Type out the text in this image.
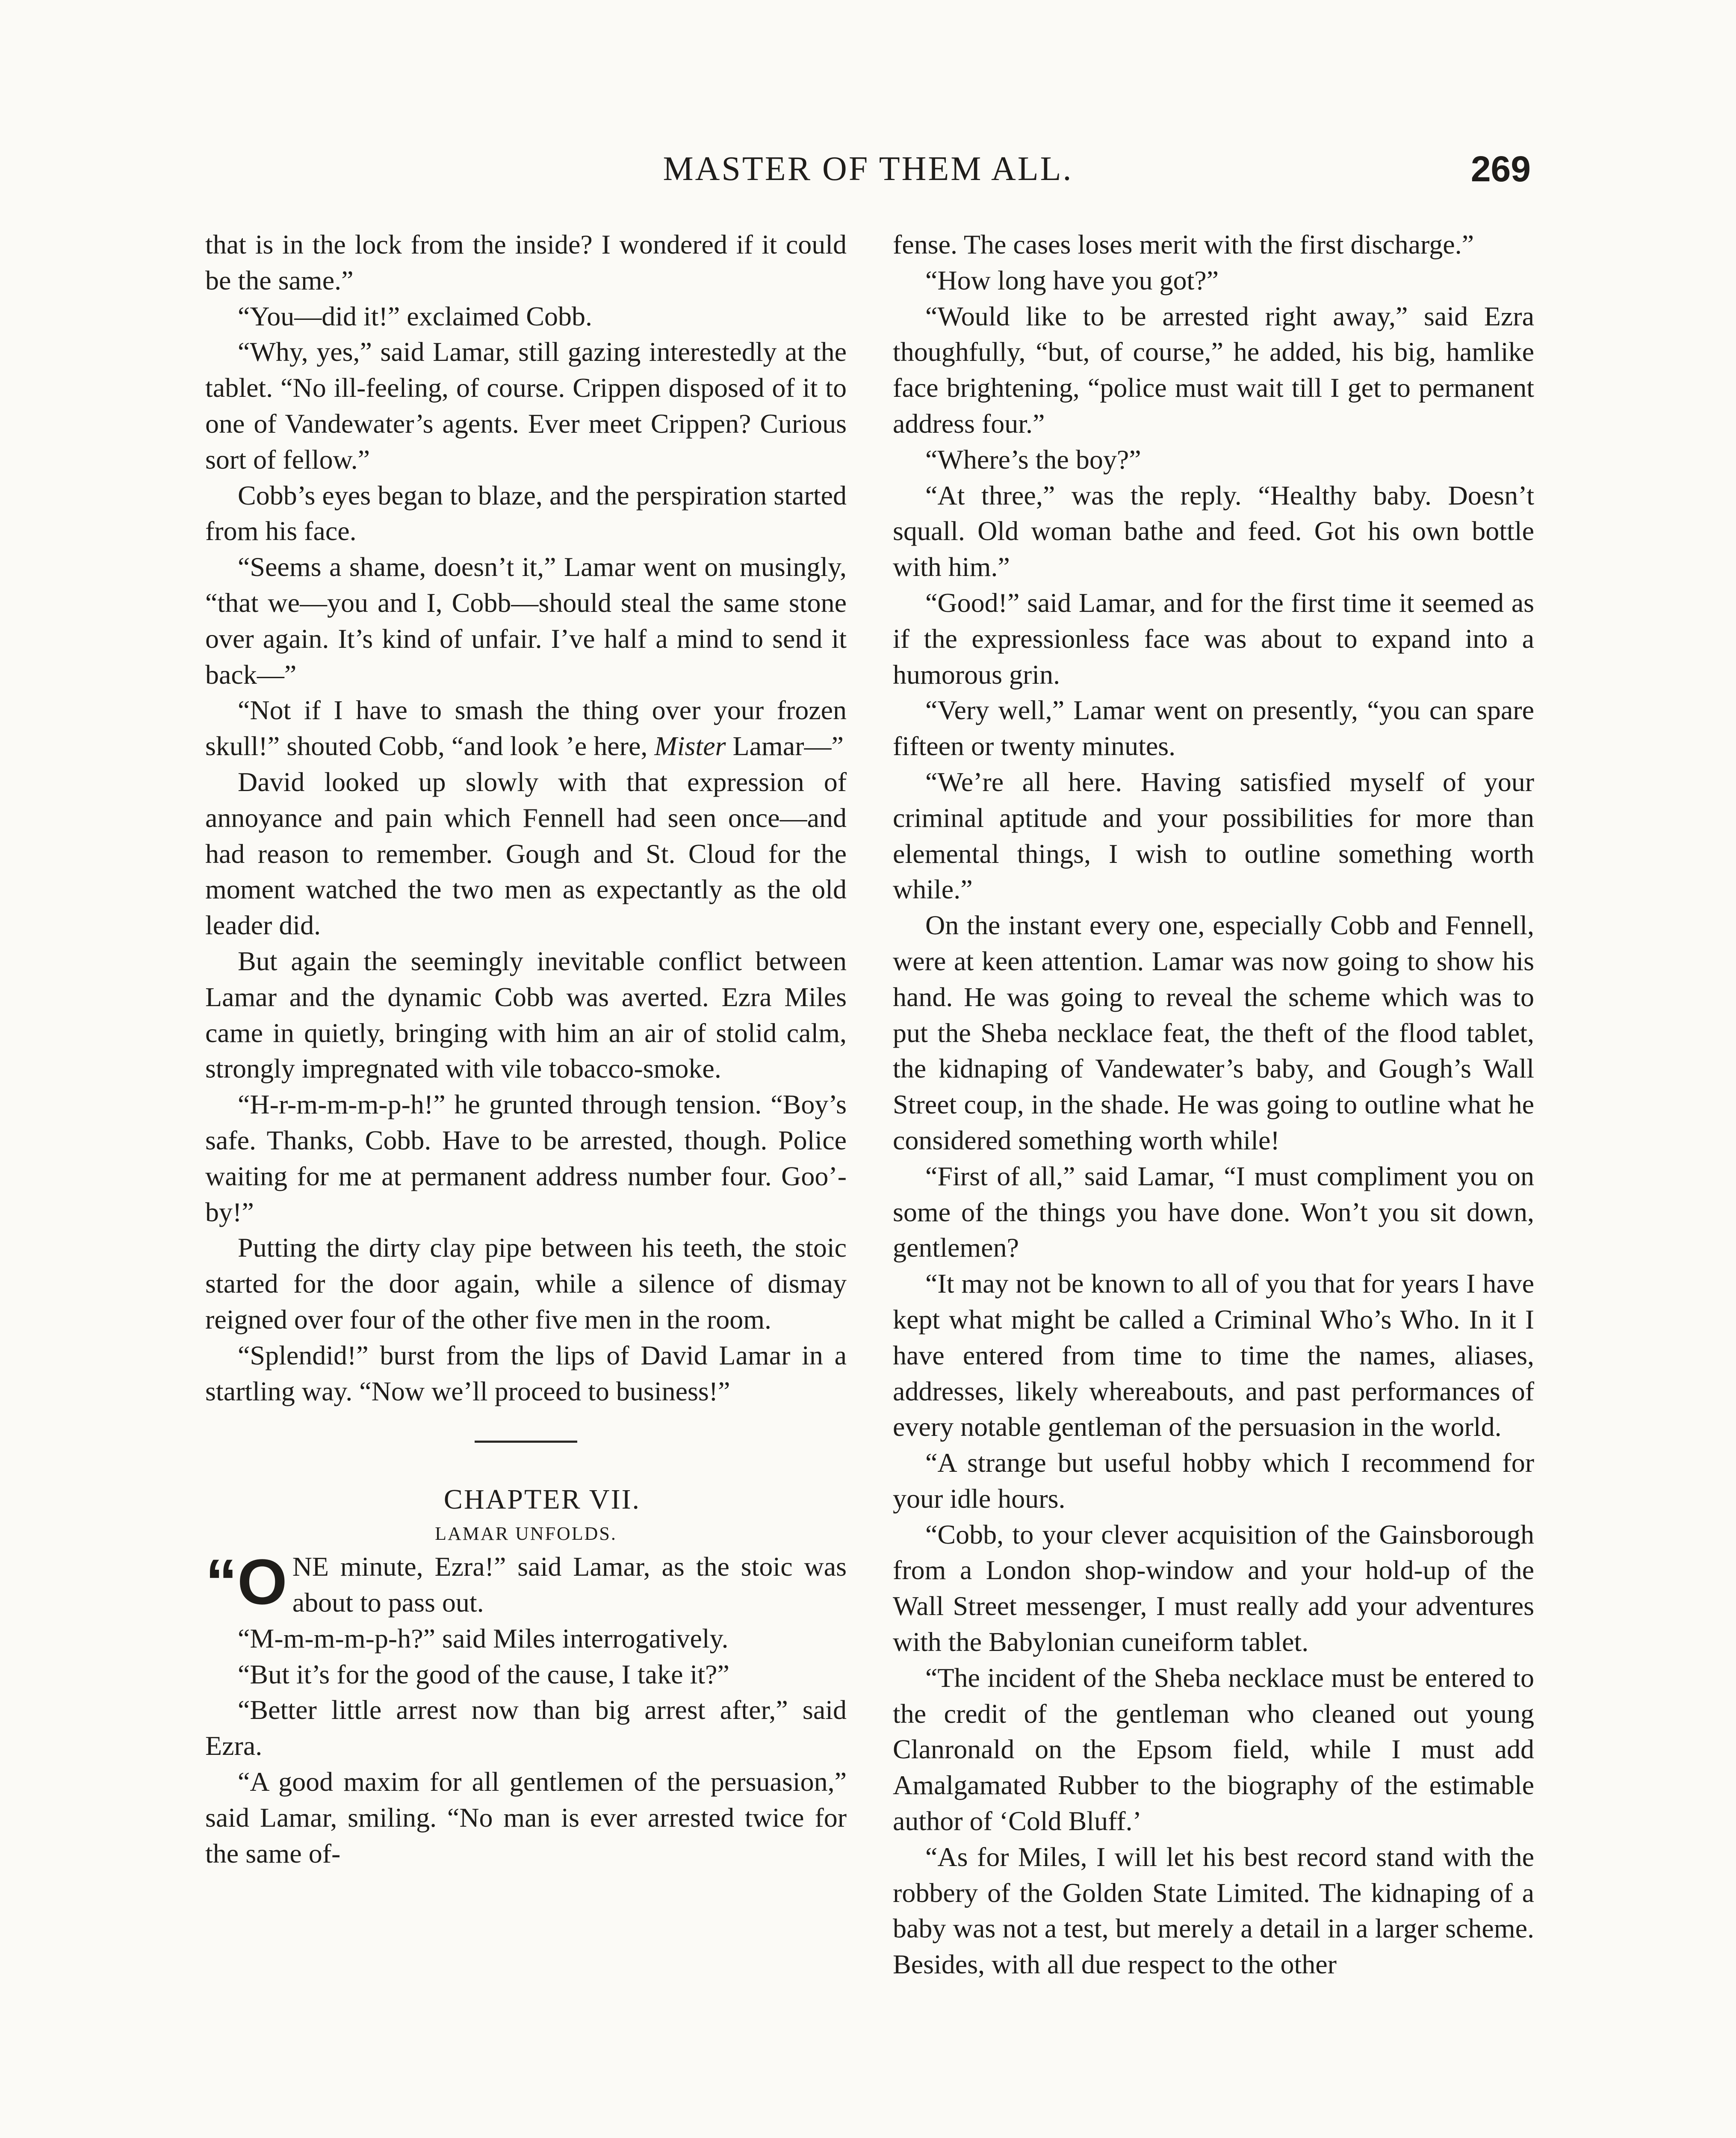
MASTER OF THEM ALL.	269

that is in the lock from the inside? I wondered if it could be the same.”

“You—did it!” exclaimed Cobb.

“Why, yes,” said Lamar, still gazing interestedly at the tablet. “No ill-feeling, of course. Crippen disposed of it to one of Vandewater’s agents. Ever meet Crippen? Curious sort of fellow.”

Cobb’s eyes began to blaze, and the perspiration started from his face.

“Seems a shame, doesn’t it,” Lamar went on musingly, “that we—you and I, Cobb—should steal the same stone over again. It’s kind of unfair. I’ve half a mind to send it back—”

“Not if I have to smash the thing over your frozen skull!” shouted Cobb, “and look ’e here, Mister Lamar—”

David looked up slowly with that expression of annoyance and pain which Fennell had seen once—and had reason to remember. Gough and St. Cloud for the moment watched the two men as expectantly as the old leader did.

But again the seemingly inevitable conflict between Lamar and the dynamic Cobb was averted. Ezra Miles came in quietly, bringing with him an air of stolid calm, strongly impregnated with vile tobacco-smoke.

“H-r-m-m-m-p-h!” he grunted through tension. “Boy’s safe. Thanks, Cobb. Have to be arrested, though. Police waiting for me at permanent address number four. Goo’-by!”

Putting the dirty clay pipe between his teeth, the stoic started for the door again, while a silence of dismay reigned over four of the other five men in the room.

“Splendid!” burst from the lips of David Lamar in a startling way. “Now we’ll proceed to business!”

CHAPTER VII.

LAMAR UNFOLDS.

“O NE minute, Ezra!” said Lamar, as the stoic was about to pass out.

“M-m-m-m-p-h?” said Miles interrogatively.

“But it’s for the good of the cause, I take it?”

“Better little arrest now than big arrest after,” said Ezra.

“A good maxim for all gentlemen of the persuasion,” said Lamar, smiling. “No man is ever arrested twice for the same of-

fense. The cases loses merit with the first discharge.”

“How long have you got?”

“Would like to be arrested right away,” said Ezra thoughfully, “but, of course,” he added, his big, hamlike face brightening, “police must wait till I get to permanent address four.”

“Where’s the boy?”

“At three,” was the reply. “Healthy baby. Doesn’t squall. Old woman bathe and feed. Got his own bottle with him.”

“Good!” said Lamar, and for the first time it seemed as if the expressionless face was about to expand into a humorous grin.

“Very well,” Lamar went on presently, “you can spare fifteen or twenty minutes.

“We’re all here. Having satisfied myself of your criminal aptitude and your possibilities for more than elemental things, I wish to outline something worth while.”

On the instant every one, especially Cobb and Fennell, were at keen attention. Lamar was now going to show his hand. He was going to reveal the scheme which was to put the Sheba necklace feat, the theft of the flood tablet, the kidnaping of Vandewater’s baby, and Gough’s Wall Street coup, in the shade. He was going to outline what he considered something worth while!

“First of all,” said Lamar, “I must compliment you on some of the things you have done. Won’t you sit down, gentlemen?

“It may not be known to all of you that for years I have kept what might be called a Criminal Who’s Who. In it I have entered from time to time the names, aliases, addresses, likely whereabouts, and past performances of every notable gentleman of the persuasion in the world.

“A strange but useful hobby which I recommend for your idle hours.

“Cobb, to your clever acquisition of the Gainsborough from a London shop-window and your hold-up of the Wall Street messenger, I must really add your adventures with the Babylonian cuneiform tablet.

“The incident of the Sheba necklace must be entered to the credit of the gentleman who cleaned out young Clanronald on the Epsom field, while I must add Amalgamated Rubber to the biography of the estimable author of ‘Cold Bluff.’

“As for Miles, I will let his best record stand with the robbery of the Golden State Limited. The kidnaping of a baby was not a test, but merely a detail in a larger scheme. Besides, with all due respect to the other
